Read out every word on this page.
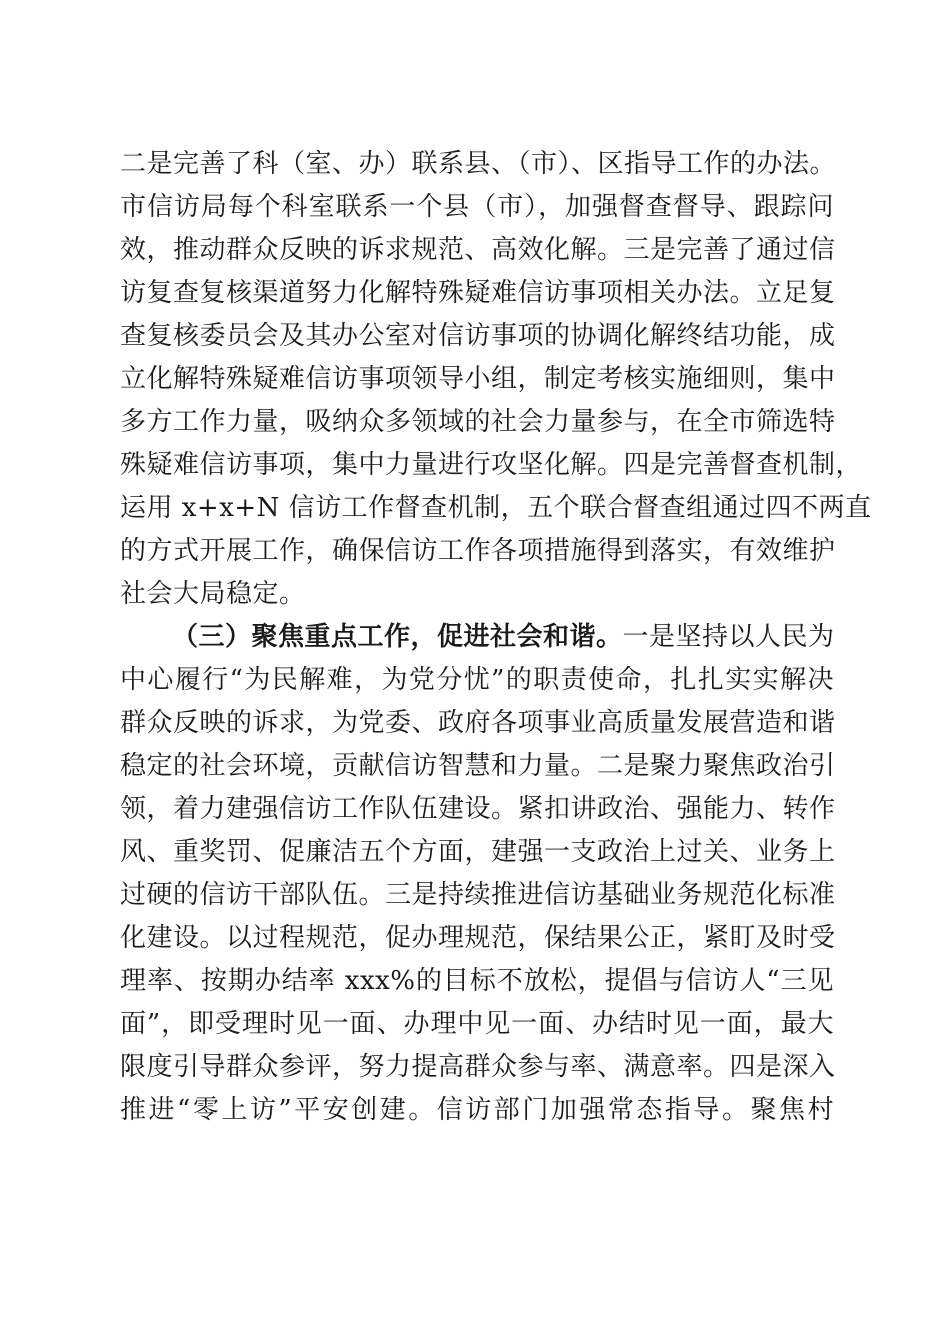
二是完善了科（室、办）联系县、（市）、区指导工作的办法。
市信访局每个科室联系一个县（市），加强督查督导、跟踪问
效，推动群众反映的诉求规范、高效化解。三是完善了通过信
访复查复核渠道努力化解特殊疑难信访事项相关办法。立足复
查复核委员会及其办公室对信访事项的协调化解终结功能，成
立化解特殊疑难信访事项领导小组，制定考核实施细则，集中
多方工作力量，吸纳众多领域的社会力量参与，在全市筛选特
殊疑难信访事项，集中力量进行攻坚化解。四是完善督查机制，
运用 x+x+N 信访工作督查机制，五个联合督查组通过四不两直
的方式开展工作，确保信访工作各项措施得到落实，有效维护
社会大局稳定。
（三）聚焦重点工作，促进社会和谐。一是坚持以人民为
中心履行“为民解难，为党分忧”的职责使命，扎扎实实解决
群众反映的诉求，为党委、政府各项事业高质量发展营造和谐
稳定的社会环境，贡献信访智慧和力量。二是聚力聚焦政治引
领，着力建强信访工作队伍建设。紧扣讲政治、强能力、转作
风、重奖罚、促廉洁五个方面，建强一支政治上过关、业务上
过硬的信访干部队伍。三是持续推进信访基础业务规范化标准
化建设。以过程规范，促办理规范，保结果公正，紧盯及时受
理率、按期办结率 xxx%的目标不放松，提倡与信访人“三见
面”，即受理时见一面、办理中见一面、办结时见一面，最大
限度引导群众参评，努力提高群众参与率、满意率。四是深入
推进“零上访”平安创建。信访部门加强常态指导。聚焦村
